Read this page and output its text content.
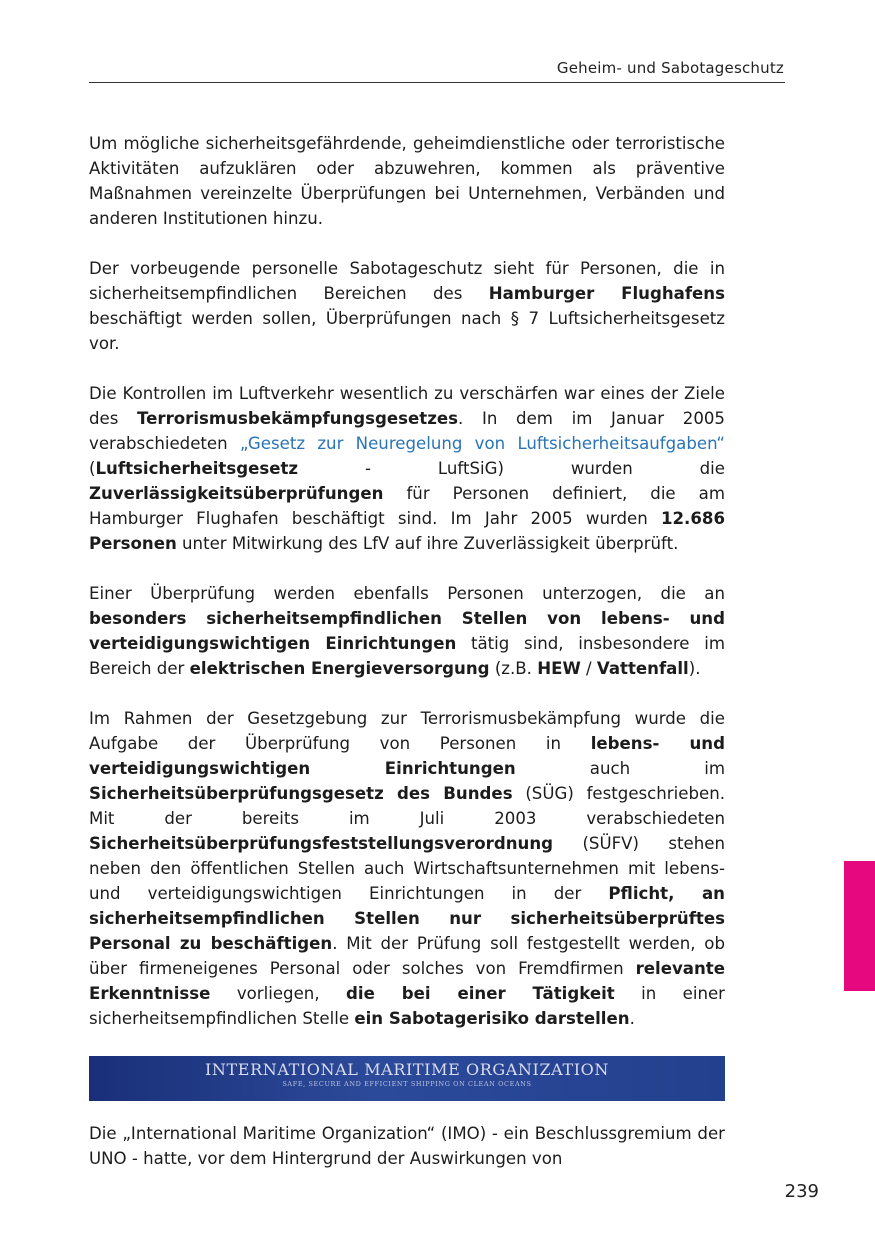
Geheim- und Sabotageschutz

Um mögliche sicherheitsgefährdende, geheimdienstliche oder terroristische Aktivitäten aufzuklären oder abzuwehren, kommen als präventive Maßnahmen vereinzelte Überprüfungen bei Unternehmen, Verbänden und anderen Institutionen hinzu.

Der vorbeugende personelle Sabotageschutz sieht für Personen, die in sicherheitsempfindlichen Bereichen des Hamburger Flughafens beschäftigt werden sollen, Überprüfungen nach § 7 Luftsicherheitsgesetz vor.

Die Kontrollen im Luftverkehr wesentlich zu verschärfen war eines der Ziele des Terrorismusbekämpfungsgesetzes. In dem im Januar 2005 verabschiedeten „Gesetz zur Neuregelung von Luftsicherheitsaufgaben“ (Luftsicherheitsgesetz - LuftSiG) wurden die Zuverlässigkeitsüberprüfungen für Personen definiert, die am Hamburger Flughafen beschäftigt sind. Im Jahr 2005 wurden 12.686 Personen unter Mitwirkung des LfV auf ihre Zuverlässigkeit überprüft.

Einer Überprüfung werden ebenfalls Personen unterzogen, die an besonders sicherheitsempfindlichen Stellen von lebens- und verteidigungswichtigen Einrichtungen tätig sind, insbesondere im Bereich der elektrischen Energieversorgung (z.B. HEW / Vattenfall).

Im Rahmen der Gesetzgebung zur Terrorismusbekämpfung wurde die Aufgabe der Überprüfung von Personen in lebens- und verteidigungswichtigen Einrichtungen auch im Sicherheitsüberprüfungsgesetz des Bundes (SÜG) festgeschrieben. Mit der bereits im Juli 2003 verabschiedeten Sicherheitsüberprüfungsfeststellungsverordnung (SÜFV) stehen neben den öffentlichen Stellen auch Wirtschaftsunternehmen mit lebens- und verteidigungswichtigen Einrichtungen in der Pflicht, an sicherheitsempfindlichen Stellen nur sicherheitsüberprüftes Personal zu beschäftigen. Mit der Prüfung soll festgestellt werden, ob über firmeneigenes Personal oder solches von Fremdfirmen relevante Erkenntnisse vorliegen, die bei einer Tätigkeit in einer sicherheitsempfindlichen Stelle ein Sabotagerisiko darstellen.

INTERNATIONAL MARITIME ORGANIZATION
SAFE, SECURE AND EFFICIENT SHIPPING ON CLEAN OCEANS

Die „International Maritime Organization“ (IMO) - ein Beschlussgremium der UNO - hatte, vor dem Hintergrund der Auswirkungen von

239
